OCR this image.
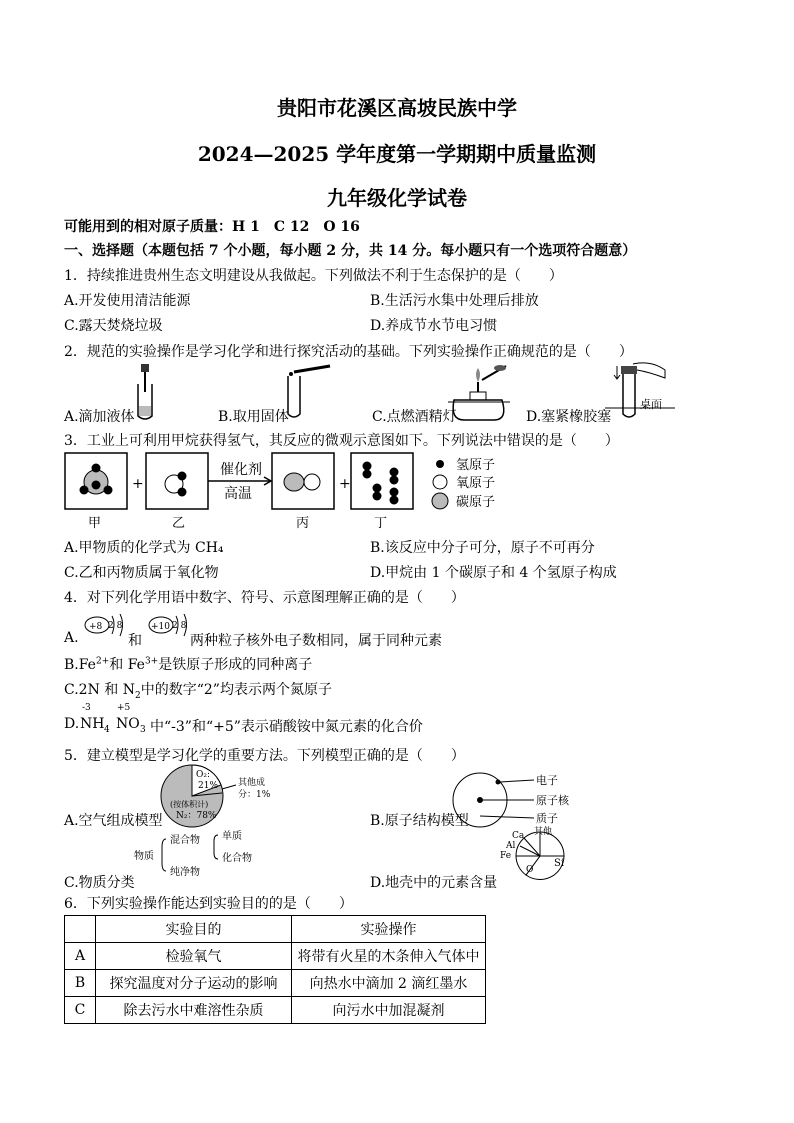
贵阳市花溪区高坡民族中学
2024—2025 学年度第一学期期中质量监测
九年级化学试卷
可能用到的相对原子质量：H 1　C 12　O 16
一、选择题（本题包括 7 个小题，每小题 2 分，共 14 分。每小题只有一个选项符合题意）
1．持续推进贵州生态文明建设从我做起。下列做法不利于生态保护的是（　　）
A.开发使用清洁能源	B.生活污水集中处理后排放
C.露天焚烧垃圾	D.养成节水节电习惯
2．规范的实验操作是学习化学和进行探究活动的基础。下列实验操作正确规范的是（　　）
桌面
A.滴加液体	B.取用固体	C.点燃酒精灯	D.塞紧橡胶塞
3．工业上可利用甲烷获得氢气，其反应的微观示意图如下。下列说法中错误的是（　　）
+
催化剂
高温
+
氢原子
氧原子
碳原子
甲	乙	丙	丁
A.甲物质的化学式为 CH₄	B.该反应中分子可分，原子不可再分
C.乙和丙物质属于氧化物	D.甲烷由 1 个碳原子和 4 个氢原子构成
4．对下列化学用语中数字、符号、示意图理解正确的是（　　）
A.
+8 2 8
和
+10 2 8
两种粒子核外电子数相同，属于同种元素
$B.Fe^{2+}$和 $Fe^{3+}$是铁原子形成的同种离子
C.2N 和 $N_2$中的数字“2”均表示两个氮原子
D.
-3	+5
NH 4 NO 3 中“-3”和“+5”表示硝酸铵中氮元素的化合价
5．建立模型是学习化学的重要方法。下列模型正确的是（　　）
O₂:
21%
(按体积计)
N₂：78%
其他成
分：1%
A.空气组成模型
电子
原子核
质子
B.原子结构模型
物质
混合物
纯净物
单质
化合物
C.物质分类
其他
Ca
Al
Fe
Si
O
D.地壳中的元素含量
6．下列实验操作能达到实验目的的是（　　）
	实验目的	实验操作
A	检验氧气	将带有火星的木条伸入气体中
B	探究温度对分子运动的影响	向热水中滴加 2 滴红墨水
C	除去污水中难溶性杂质	向污水中加混凝剂
